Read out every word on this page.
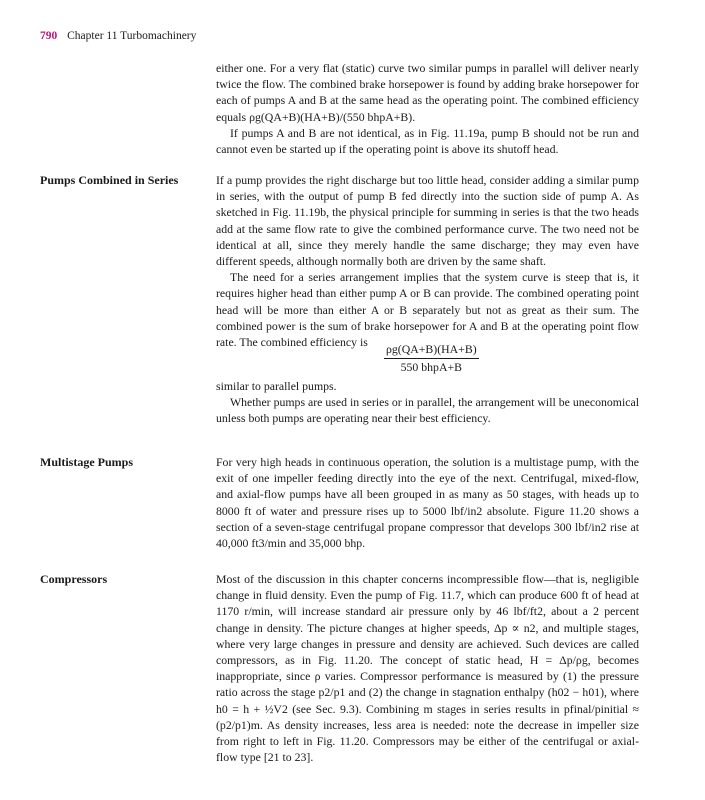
790 Chapter 11 Turbomachinery

either one. For a very flat (static) curve two similar pumps in parallel will deliver nearly twice the flow. The combined brake horsepower is found by adding brake horsepower for each of pumps A and B at the same head as the operating point. The combined efficiency equals ρg(QA+B)(HA+B)/(550 bhpA+B).

If pumps A and B are not identical, as in Fig. 11.19a, pump B should not be run and cannot even be started up if the operating point is above its shutoff head.

Pumps Combined in Series	If a pump provides the right discharge but too little head, consider adding a similar pump in series, with the output of pump B fed directly into the suction side of pump A. As sketched in Fig. 11.19b, the physical principle for summing in series is that the two heads add at the same flow rate to give the combined performance curve. The two need not be identical at all, since they merely handle the same discharge; they may even have different speeds, although normally both are driven by the same shaft.

The need for a series arrangement implies that the system curve is steep that is, it requires higher head than either pump A or B can provide. The combined operating point head will be more than either A or B separately but not as great as their sum. The combined power is the sum of brake horsepower for A and B at the operating point flow rate. The combined efficiency is	ρg(QA+B)(HA+B)
550 bhpA+B

similar to parallel pumps.

Whether pumps are used in series or in parallel, the arrangement will be uneconomical unless both pumps are operating near their best efficiency.

Multistage Pumps	For very high heads in continuous operation, the solution is a multistage pump, with the exit of one impeller feeding directly into the eye of the next. Centrifugal, mixed-flow, and axial-flow pumps have all been grouped in as many as 50 stages, with heads up to 8000 ft of water and pressure rises up to 5000 lbf/in2 absolute. Figure 11.20 shows a section of a seven-stage centrifugal propane compressor that develops 300 lbf/in2 rise at 40,000 ft3/min and 35,000 bhp.

Compressors	Most of the discussion in this chapter concerns incompressible flow—that is, negligible change in fluid density. Even the pump of Fig. 11.7, which can produce 600 ft of head at 1170 r/min, will increase standard air pressure only by 46 lbf/ft2, about a 2 percent change in density. The picture changes at higher speeds, Δp ∝ n2, and multiple stages, where very large changes in pressure and density are achieved. Such devices are called compressors, as in Fig. 11.20. The concept of static head, H = Δp/ρg, becomes inappropriate, since ρ varies. Compressor performance is measured by (1) the pressure ratio across the stage p2/p1 and (2) the change in stagnation enthalpy (h02 − h01), where h0 = h + ½V2 (see Sec. 9.3). Combining m stages in series results in pfinal/pinitial ≈ (p2/p1)m. As density increases, less area is needed: note the decrease in impeller size from right to left in Fig. 11.20. Compressors may be either of the centrifugal or axial-flow type [21 to 23].
